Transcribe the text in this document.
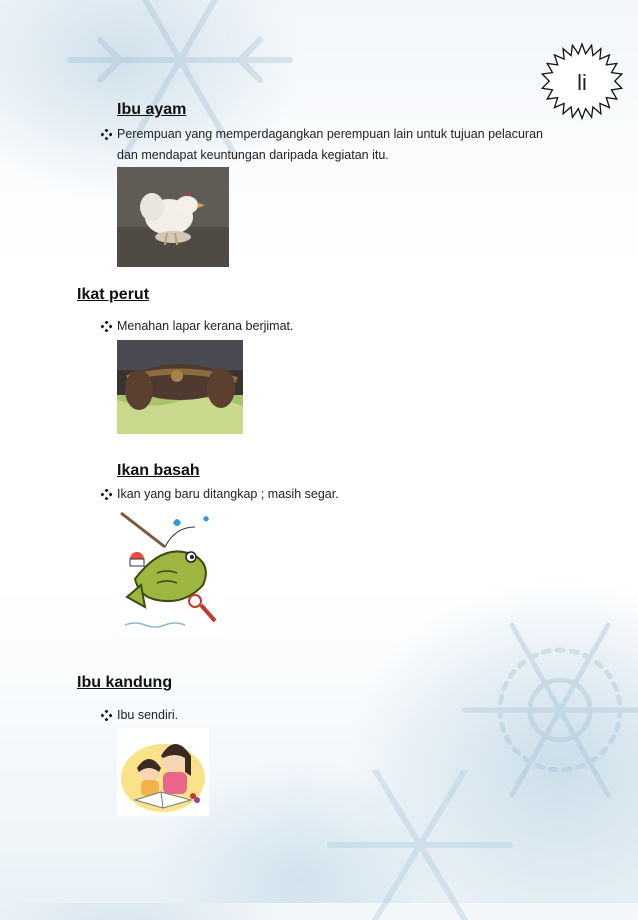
li
Ibu ayam
Perempuan yang memperdagangkan perempuan lain untuk tujuan pelacuran dan mendapat keuntungan daripada kegiatan itu.
Ikat perut
Menahan lapar kerana berjimat.
Ikan basah
Ikan yang baru ditangkap ; masih segar.
Ibu kandung
Ibu sendiri.
